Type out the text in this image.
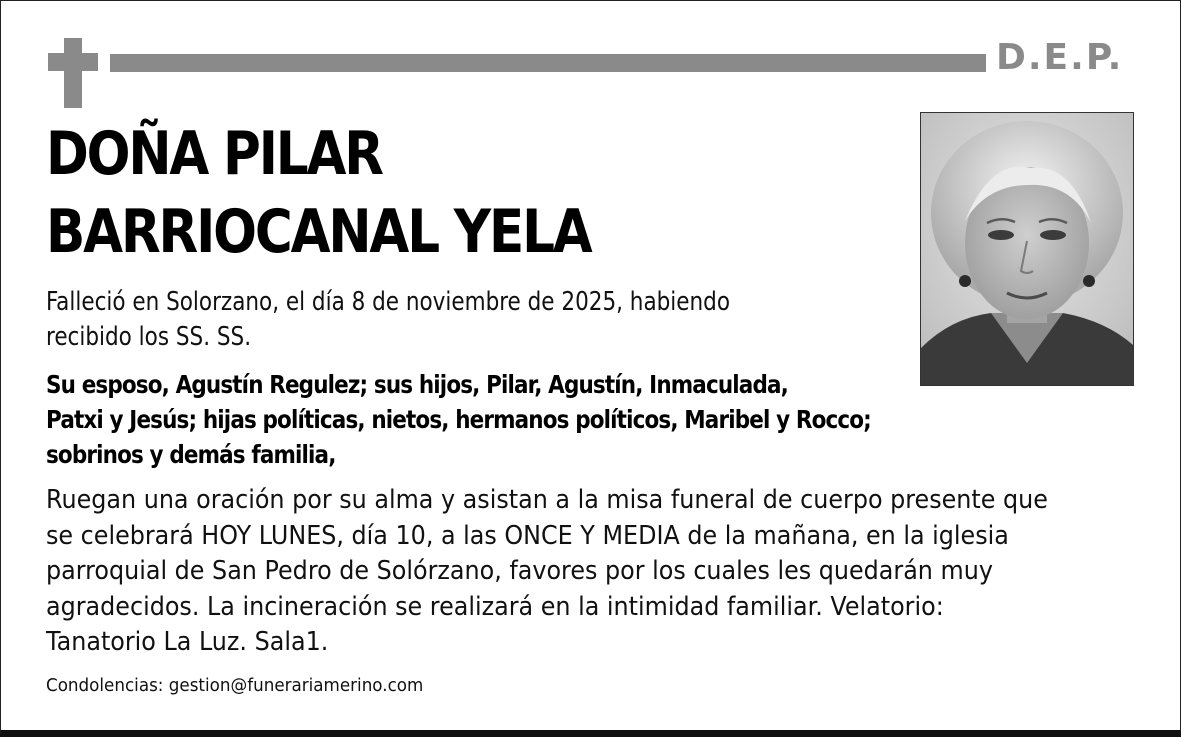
D.E.P.
DOÑA PILAR
BARRIOCANAL YELA
Falleció en Solorzano, el día 8 de noviembre de 2025, habiendo
recibido los SS. SS.
Su esposo, Agustín Regulez; sus hijos, Pilar, Agustín, Inmaculada,
Patxi y Jesús; hijas políticas, nietos, hermanos políticos, Maribel y Rocco;
sobrinos y demás familia,
Ruegan una oración por su alma y asistan a la misa funeral de cuerpo presente que
se celebrará HOY LUNES, día 10, a las ONCE Y MEDIA de la mañana, en la iglesia
parroquial de San Pedro de Solórzano, favores por los cuales les quedarán muy
agradecidos. La incineración se realizará en la intimidad familiar. Velatorio:
Tanatorio La Luz. Sala1.
Condolencias: gestion@funerariamerino.com
